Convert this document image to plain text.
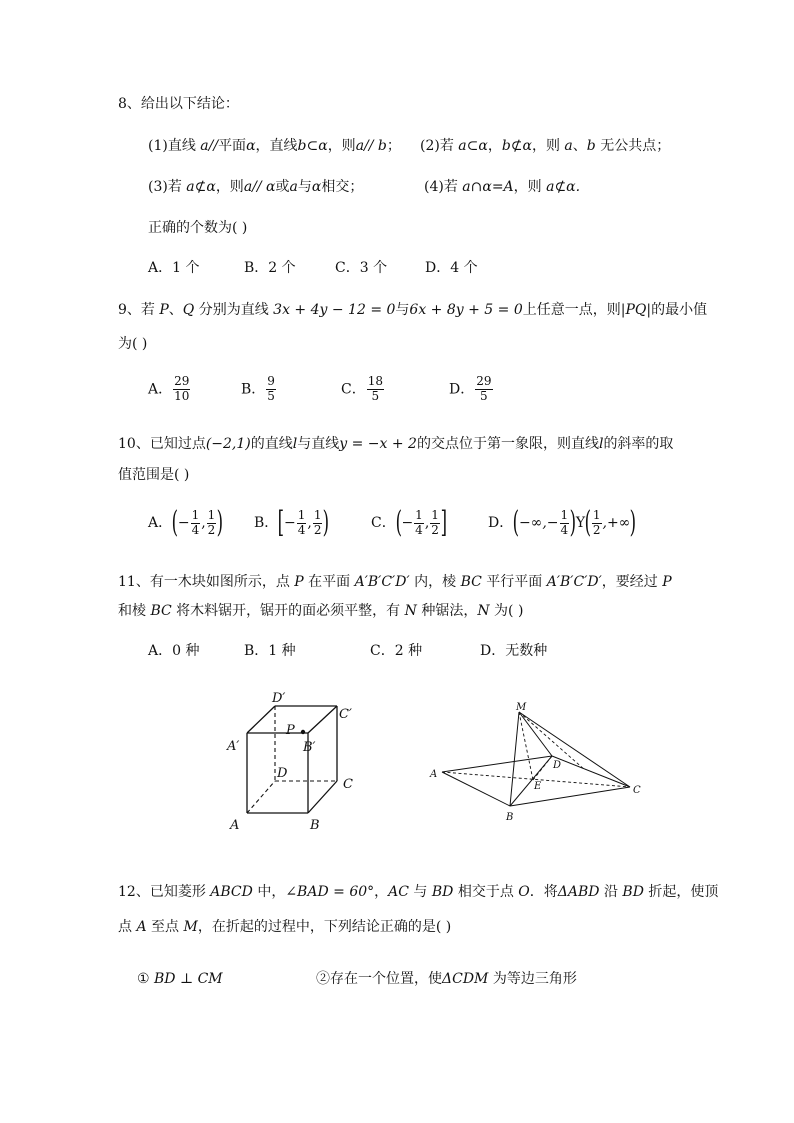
8、给出以下结论：
(1)直线 a//平面α，直线b⊂α，则a// b； (2)若 a⊂α，b⊄α，则 a、b 无公共点；
(3)若 a⊄α，则a// α或a与α相交；	(4)若 a∩α=A，则 a⊄α.
正确的个数为( )
A．1 个	B．2 个	C．3 个	D．4 个
9、若 P、Q 分别为直线 3x + 4y − 12 = 0与6x + 8y + 5 = 0上任意一点，则|PQ|的最小值
为( )
A． $\frac{29}{10}$	B． $\frac{9}{5}$	C． $\frac{18}{5}$	D． $\frac{29}{5}$
10、已知过点(−2,1)的直线l与直线y = −x + 2的交点位于第一象限，则直线l的斜率的取
值范围是( )
A．(− $\frac{1}{4}$ , $\frac{1}{2}$ ) B．[− $\frac{1}{4}$ , $\frac{1}{2}$ )	C．(− $\frac{1}{4}$ , $\frac{1}{2}$ ]	D．(−∞,− $\frac{1}{4} )Y( \frac{1}{2}$ ,+∞)
11、有一木块如图所示，点 P 在平面 A′B′C′D′ 内，棱 BC 平行平面 A′B′C′D′，要经过 P
和棱 BC 将木料锯开，锯开的面必须平整，有 N 种锯法，N 为( )
A．0 种	B．1 种	C．2 种	D．无数种
D′
C′
A′	B′
P
D
C
A	B
M
D
A
E	C
B
12、已知菱形 ABCD 中，∠BAD = 60°，AC 与 BD 相交于点 O．将ΔABD 沿 BD 折起，使顶
点 A 至点 M，在折起的过程中，下列结论正确的是( )
① BD ⊥ CM	②存在一个位置，使ΔCDM 为等边三角形
